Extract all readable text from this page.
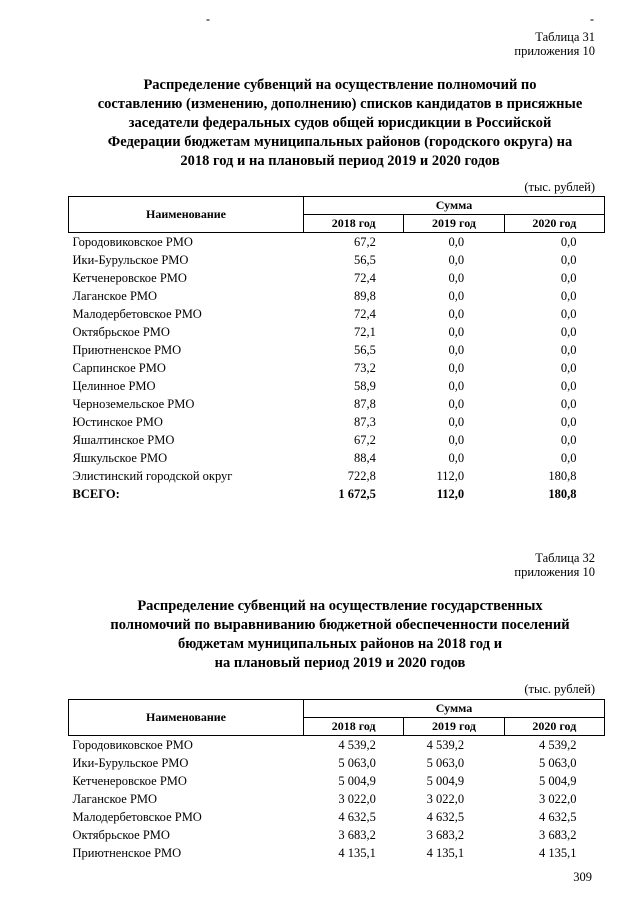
-	-
Таблица 31
приложения 10
Распределение субвенций на осуществление полномочий по
составлению (изменению, дополнению) списков кандидатов в присяжные
заседатели федеральных судов общей юрисдикции в Российской
Федерации бюджетам муниципальных районов (городского округа) на
2018 год и на плановый период 2019 и 2020 годов
(тыс. рублей)
Наименование	Сумма		
	2018 год	2019 год	2020 год
Городовиковское РМО	67,2	0,0	0,0
Ики-Бурульское РМО	56,5	0,0	0,0
Кетченеровское РМО	72,4	0,0	0,0
Лаганское РМО	89,8	0,0	0,0
Малодербетовское РМО	72,4	0,0	0,0
Октябрьское РМО	72,1	0,0	0,0
Приютненское РМО	56,5	0,0	0,0
Сарпинское РМО	73,2	0,0	0,0
Целинное РМО	58,9	0,0	0,0
Черноземельское РМО	87,8	0,0	0,0
Юстинское РМО	87,3	0,0	0,0
Яшалтинское РМО	67,2	0,0	0,0
Яшкульское РМО	88,4	0,0	0,0
Элистинский городской округ	722,8	112,0	180,8
ВСЕГО:	1 672,5	112,0	180,8
Таблица 32
приложения 10
Распределение субвенций на осуществление государственных
полномочий по выравниванию бюджетной обеспеченности поселений
бюджетам муниципальных районов на 2018 год и
на плановый период 2019 и 2020 годов
(тыс. рублей)
Наименование	Сумма		
	2018 год	2019 год	2020 год
Городовиковское РМО	4 539,2	4 539,2	4 539,2
Ики-Бурульское РМО	5 063,0	5 063,0	5 063,0
Кетченеровское РМО	5 004,9	5 004,9	5 004,9
Лаганское РМО	3 022,0	3 022,0	3 022,0
Малодербетовское РМО	4 632,5	4 632,5	4 632,5
Октябрьское РМО	3 683,2	3 683,2	3 683,2
Приютненское РМО	4 135,1	4 135,1	4 135,1
309
